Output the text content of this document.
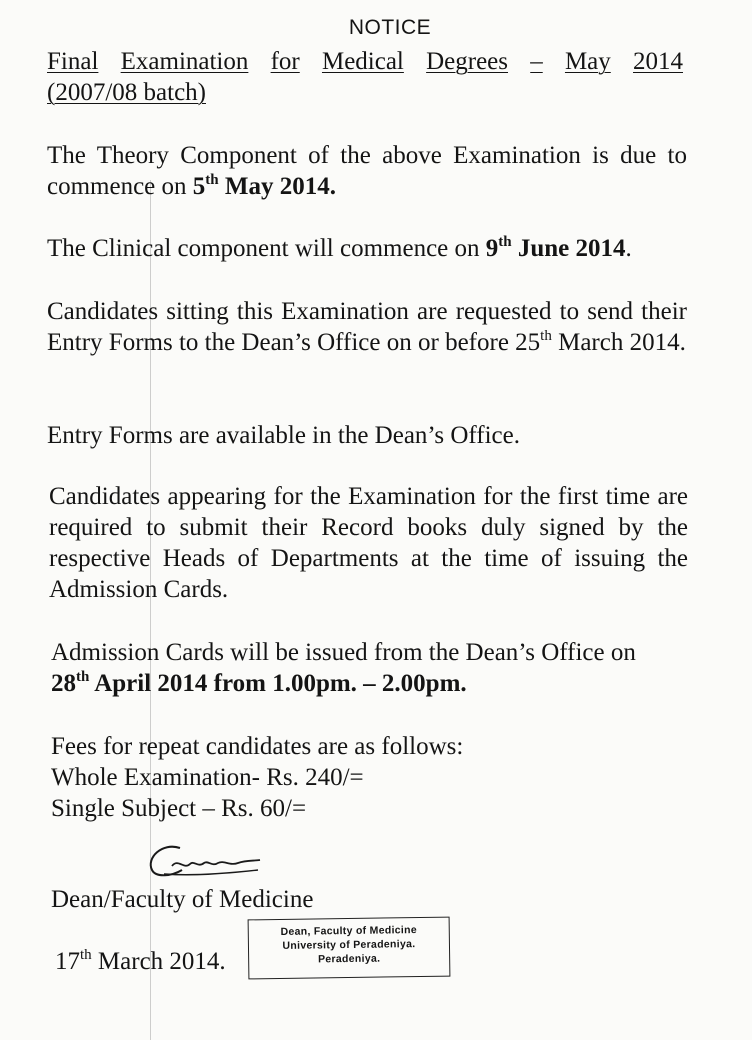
NOTICE
Final Examination for Medical Degrees – May 2014
(2007/08 batch)

The Theory Component of the above Examination is due to commence on 5th May 2014.

The Clinical component will commence on 9th June 2014.

Candidates sitting this Examination are requested to send their Entry Forms to the Dean’s Office on or before 25th March 2014.

Entry Forms are available in the Dean’s Office.

Candidates appearing for the Examination for the first time are required to submit their Record books duly signed by the respective Heads of Departments at the time of issuing the Admission Cards.

Admission Cards will be issued from the Dean’s Office on
28th April 2014 from 1.00pm. – 2.00pm.
Fees for repeat candidates are as follows:
Whole Examination- Rs. 240/=
Single Subject – Rs. 60/=
Dean/Faculty of Medicine
17th March 2014.
Dean, Faculty of Medicine
University of Peradeniya.
Peradeniya.
